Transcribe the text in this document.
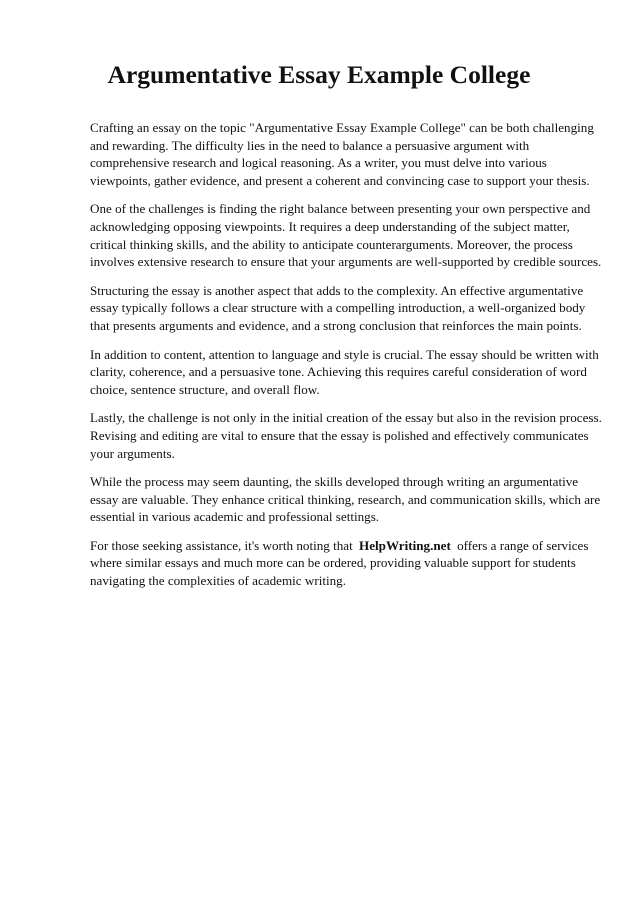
Argumentative Essay Example College

Crafting an essay on the topic "Argumentative Essay Example College" can be both challenging and rewarding. The difficulty lies in the need to balance a persuasive argument with comprehensive research and logical reasoning. As a writer, you must delve into various viewpoints, gather evidence, and present a coherent and convincing case to support your thesis.

One of the challenges is finding the right balance between presenting your own perspective and acknowledging opposing viewpoints. It requires a deep understanding of the subject matter, critical thinking skills, and the ability to anticipate counterarguments. Moreover, the process involves extensive research to ensure that your arguments are well-supported by credible sources.

Structuring the essay is another aspect that adds to the complexity. An effective argumentative essay typically follows a clear structure with a compelling introduction, a well-organized body that presents arguments and evidence, and a strong conclusion that reinforces the main points.

In addition to content, attention to language and style is crucial. The essay should be written with clarity, coherence, and a persuasive tone. Achieving this requires careful consideration of word choice, sentence structure, and overall flow.

Lastly, the challenge is not only in the initial creation of the essay but also in the revision process. Revising and editing are vital to ensure that the essay is polished and effectively communicates your arguments.

While the process may seem daunting, the skills developed through writing an argumentative essay are valuable. They enhance critical thinking, research, and communication skills, which are essential in various academic and professional settings.

For those seeking assistance, it's worth noting that HelpWriting.net offers a range of services where similar essays and much more can be ordered, providing valuable support for students navigating the complexities of academic writing.
